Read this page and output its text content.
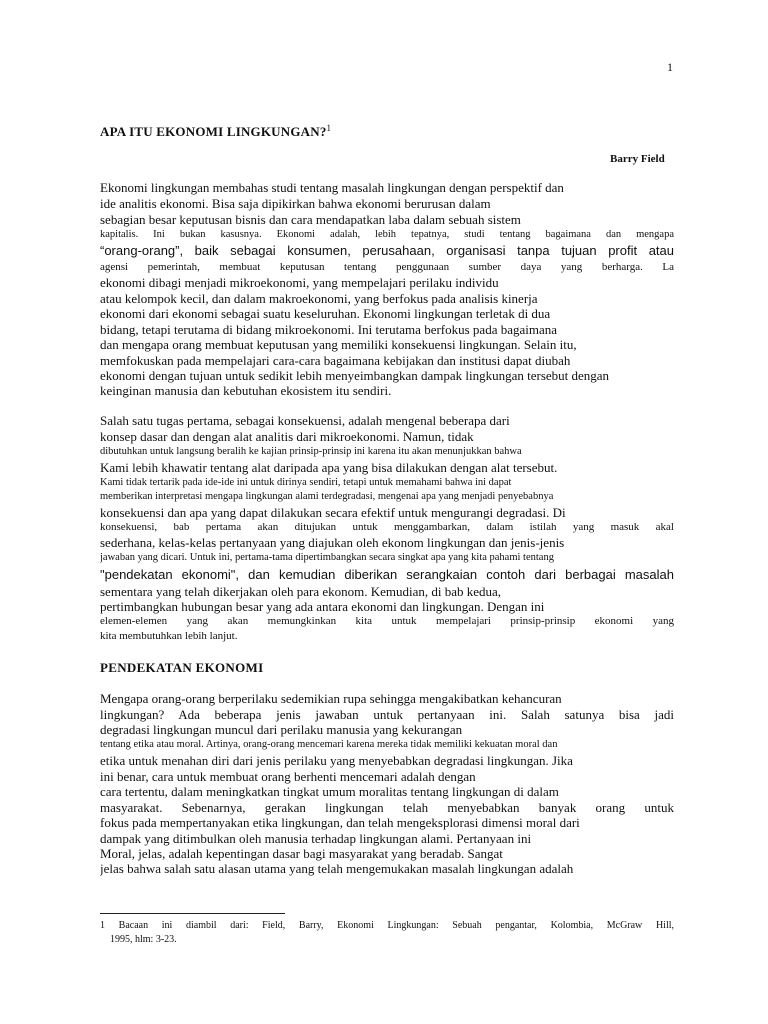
1
APA ITU EKONOMI LINGKUNGAN?$^1$
Barry Field
Ekonomi lingkungan membahas studi tentang masalah lingkungan dengan perspektif dan
ide analitis ekonomi. Bisa saja dipikirkan bahwa ekonomi berurusan dalam
sebagian besar keputusan bisnis dan cara mendapatkan laba dalam sebuah sistem
kapitalis. Ini bukan kasusnya. Ekonomi adalah, lebih tepatnya, studi tentang bagaimana dan mengapa
“orang-orang”, baik sebagai konsumen, perusahaan, organisasi tanpa tujuan profit atau
agensi pemerintah, membuat keputusan tentang penggunaan sumber daya yang berharga. La
ekonomi dibagi menjadi mikroekonomi, yang mempelajari perilaku individu
atau kelompok kecil, dan dalam makroekonomi, yang berfokus pada analisis kinerja
ekonomi dari ekonomi sebagai suatu keseluruhan. Ekonomi lingkungan terletak di dua
bidang, tetapi terutama di bidang mikroekonomi. Ini terutama berfokus pada bagaimana
dan mengapa orang membuat keputusan yang memiliki konsekuensi lingkungan. Selain itu,
memfokuskan pada mempelajari cara-cara bagaimana kebijakan dan institusi dapat diubah
ekonomi dengan tujuan untuk sedikit lebih menyeimbangkan dampak lingkungan tersebut dengan
keinginan manusia dan kebutuhan ekosistem itu sendiri.
Salah satu tugas pertama, sebagai konsekuensi, adalah mengenal beberapa dari
konsep dasar dan dengan alat analitis dari mikroekonomi. Namun, tidak
dibutuhkan untuk langsung beralih ke kajian prinsip-prinsip ini karena itu akan menunjukkan bahwa
Kami lebih khawatir tentang alat daripada apa yang bisa dilakukan dengan alat tersebut.
Kami tidak tertarik pada ide-ide ini untuk dirinya sendiri, tetapi untuk memahami bahwa ini dapat
memberikan interpretasi mengapa lingkungan alami terdegradasi, mengenai apa yang menjadi penyebabnya
konsekuensi dan apa yang dapat dilakukan secara efektif untuk mengurangi degradasi. Di
konsekuensi, bab pertama akan ditujukan untuk menggambarkan, dalam istilah yang masuk akal
sederhana, kelas-kelas pertanyaan yang diajukan oleh ekonom lingkungan dan jenis-jenis
jawaban yang dicari. Untuk ini, pertama-tama dipertimbangkan secara singkat apa yang kita pahami tentang
"pendekatan ekonomi", dan kemudian diberikan serangkaian contoh dari berbagai masalah
sementara yang telah dikerjakan oleh para ekonom. Kemudian, di bab kedua,
pertimbangkan hubungan besar yang ada antara ekonomi dan lingkungan. Dengan ini
elemen-elemen yang akan memungkinkan kita untuk mempelajari prinsip-prinsip ekonomi yang
kita membutuhkan lebih lanjut.
PENDEKATAN EKONOMI
Mengapa orang-orang berperilaku sedemikian rupa sehingga mengakibatkan kehancuran
lingkungan? Ada beberapa jenis jawaban untuk pertanyaan ini. Salah satunya bisa jadi
degradasi lingkungan muncul dari perilaku manusia yang kekurangan
tentang etika atau moral. Artinya, orang-orang mencemari karena mereka tidak memiliki kekuatan moral dan
etika untuk menahan diri dari jenis perilaku yang menyebabkan degradasi lingkungan. Jika
ini benar, cara untuk membuat orang berhenti mencemari adalah dengan
cara tertentu, dalam meningkatkan tingkat umum moralitas tentang lingkungan di dalam
masyarakat. Sebenarnya, gerakan lingkungan telah menyebabkan banyak orang untuk
fokus pada mempertanyakan etika lingkungan, dan telah mengeksplorasi dimensi moral dari
dampak yang ditimbulkan oleh manusia terhadap lingkungan alami. Pertanyaan ini
Moral, jelas, adalah kepentingan dasar bagi masyarakat yang beradab. Sangat
jelas bahwa salah satu alasan utama yang telah mengemukakan masalah lingkungan adalah
1 Bacaan ini diambil dari: Field, Barry, Ekonomi Lingkungan: Sebuah pengantar, Kolombia, McGraw Hill,
1995, hlm: 3-23.
